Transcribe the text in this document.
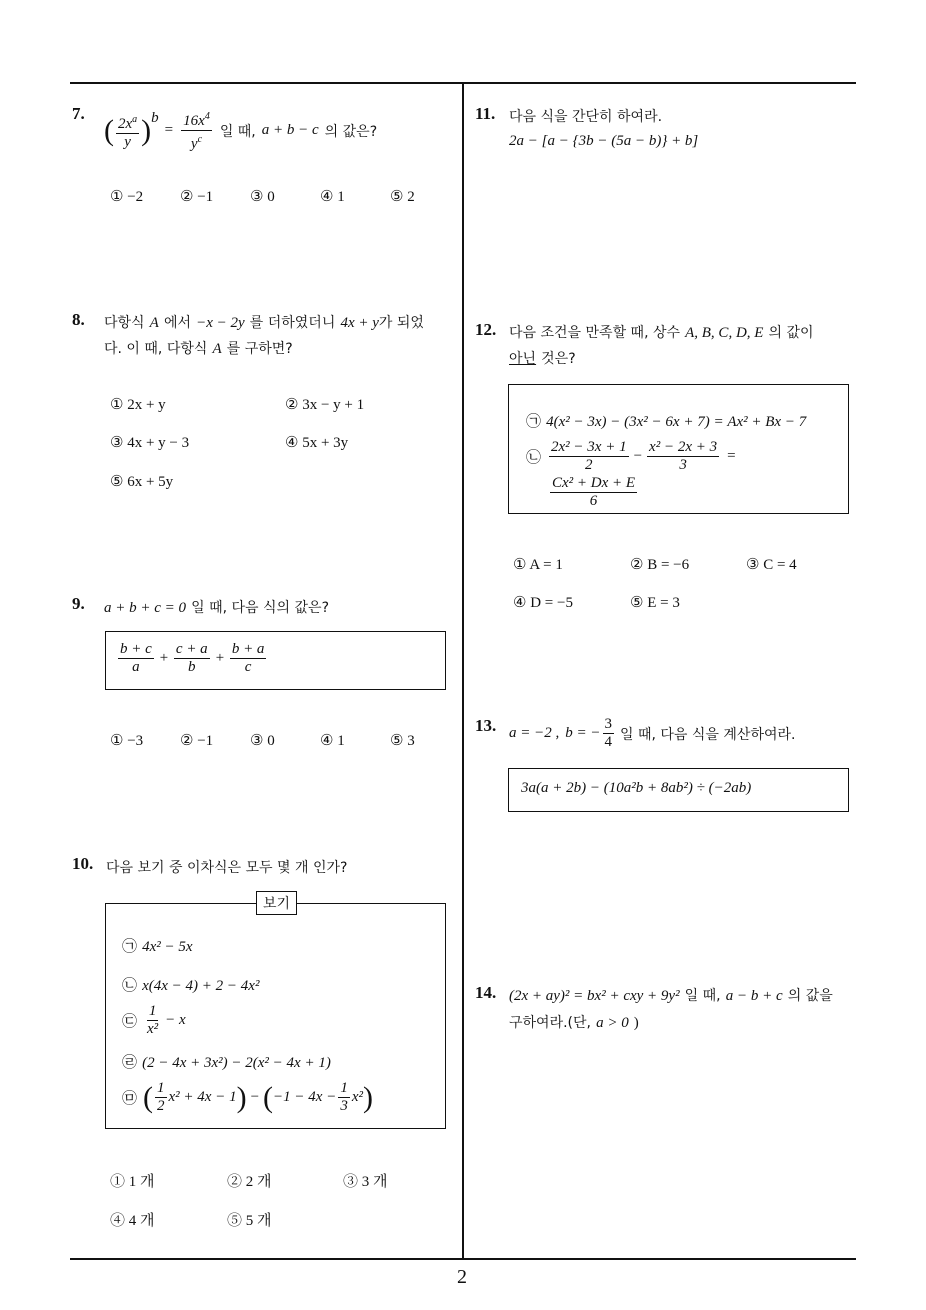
7. ( $\frac{2x^a}{y}$ ) b
= $\frac{16x^4}{y^c}$ 일 때, a + b − c 의 값은?
① −2 ② −1 ③ 0	④ 1	⑤ 2
8. 다항식 A 에서 −x − 2y 를 더하였더니 4x + y가 되었
다. 이 때, 다항식 A 를 구하면?
① 2x + y	② 3x − y + 1
③ 4x + y − 3	④ 5x + 3y
⑤ 6x + 5y
9. a + b + c = 0 일 때, 다음 식의 값은?
$\frac{b + c}{a} + \frac{c + a}{b} + \frac{b + a}{c}$
① −3 ② −1 ③ 0	④ 1	⑤ 3
10. 다음 보기 중 이차식은 모두 몇 개 인가?
보기
㉠ 4x² − 5x
㉡ x(4x − 4) + 2 − 4x²
㉢ $\frac{1}{\text{x²}} - x$
㉣ (2 − 4x + 3x²) − 2(x² − 4x + 1)
㉤ ( $\frac{1}{2} x^2 + 4x - 1$ ) − ( $-1 - 4x - \frac{1}{3} x^2$ )
① 1 개	② 2 개	③ 3 개
④ 4 개	⑤ 5 개
11. 다음 식을 간단히 하여라.
2a − [a − {3b − (5a − b)} + b]
12. 다음 조건을 만족할 때, 상수 A, B, C, D, E 의 값이
아닌 것은?
㉠ 4(x² − 3x) − (3x² − 6x + 7) = Ax² + Bx − 7
㉡ $\frac{\text{2x² − 3x + 1}}{2} - \frac{\text{x² − 2x + 3}}{3}$ =
$\frac{\text{Cx² + Dx + E}}{6}$
① A = 1	② B = −6	③ C = 4
④ D = −5	⑤ E = 3
13. a = −2 , b = − $\frac{3}{4}$ 일 때, 다음 식을 계산하여라.
3a(a + 2b) − (10a²b + 8ab²) ÷ (−2ab)
14. (2x + ay)² = bx² + cxy + 9y² 일 때, a − b + c 의 값을
구하여라.(단, a > 0 )
2
